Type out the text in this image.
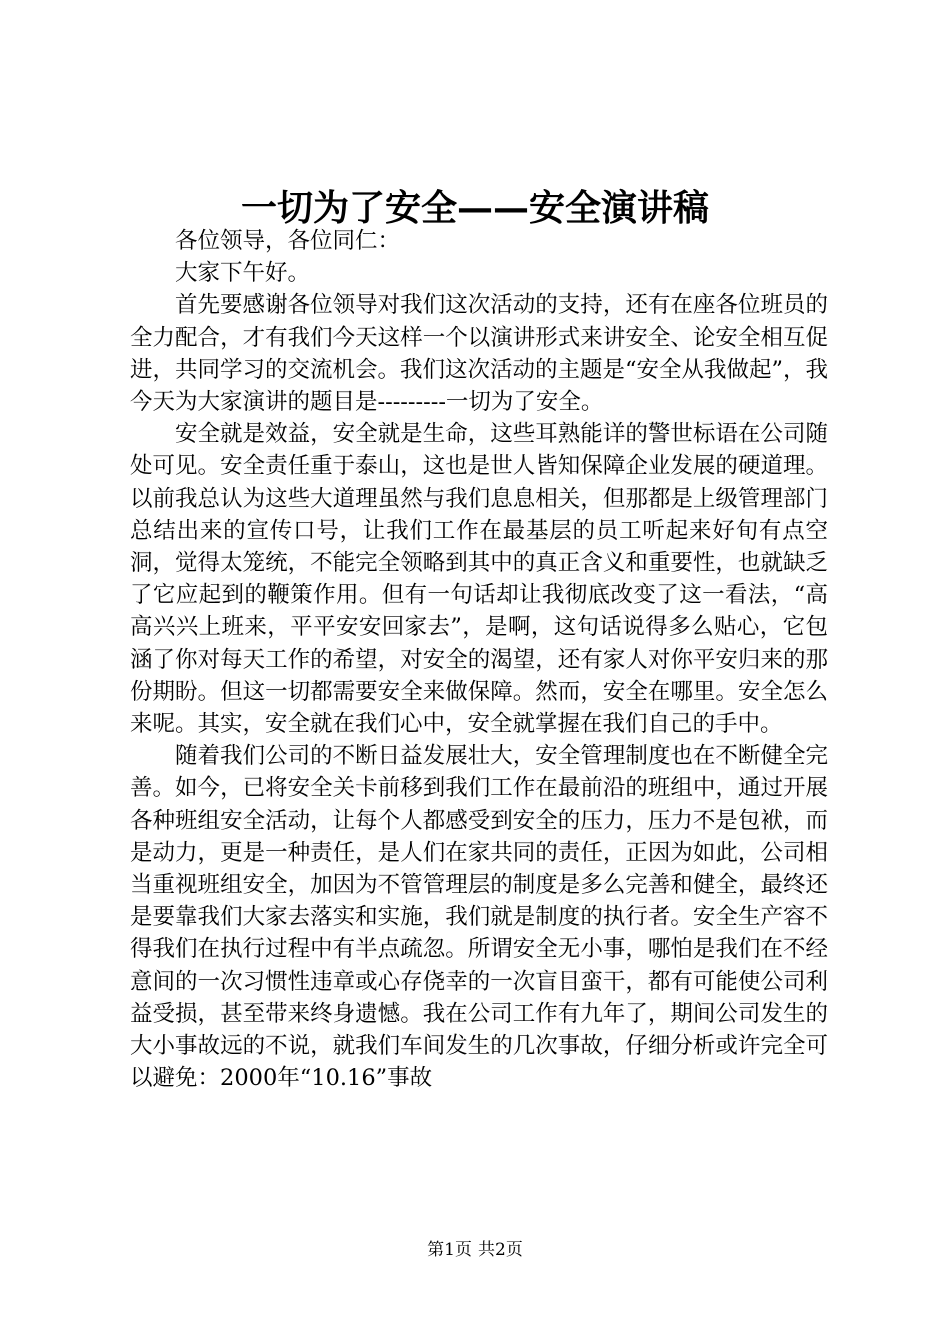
一切为了安全——安全演讲稿

各位领导，各位同仁：

大家下午好。

首先要感谢各位领导对我们这次活动的支持，还有在座各位班员的全力配合，才有我们今天这样一个以演讲形式来讲安全、论安全相互促进，共同学习的交流机会。我们这次活动的主题是“安全从我做起”，我今天为大家演讲的题目是---------一切为了安全。

安全就是效益，安全就是生命，这些耳熟能详的警世标语在公司随处可见。安全责任重于泰山，这也是世人皆知保障企业发展的硬道理。以前我总认为这些大道理虽然与我们息息相关，但那都是上级管理部门总结出来的宣传口号，让我们工作在最基层的员工听起来好旬有点空洞，觉得太笼统，不能完全领略到其中的真正含义和重要性，也就缺乏了它应起到的鞭策作用。但有一句话却让我彻底改变了这一看法，“高高兴兴上班来，平平安安回家去”，是啊，这句话说得多么贴心，它包涵了你对每天工作的希望，对安全的渴望，还有家人对你平安归来的那份期盼。但这一切都需要安全来做保障。然而，安全在哪里。安全怎么来呢。其实，安全就在我们心中，安全就掌握在我们自己的手中。

随着我们公司的不断日益发展壮大，安全管理制度也在不断健全完善。如今，已将安全关卡前移到我们工作在最前沿的班组中，通过开展各种班组安全活动，让每个人都感受到安全的压力，压力不是包袱，而是动力，更是一种责任，是人们在家共同的责任，正因为如此，公司相当重视班组安全，加因为不管管理层的制度是多么完善和健全，最终还是要靠我们大家去落实和实施，我们就是制度的执行者。安全生产容不得我们在执行过程中有半点疏忽。所谓安全无小事，哪怕是我们在不经意间的一次习惯性违章或心存侥幸的一次盲目蛮干，都有可能使公司利益受损，甚至带来终身遗憾。我在公司工作有九年了，期间公司发生的大小事故远的不说，就我们车间发生的几次事故，仔细分析或许完全可以避免：2000年“10.16”事故

第1页 共2页
